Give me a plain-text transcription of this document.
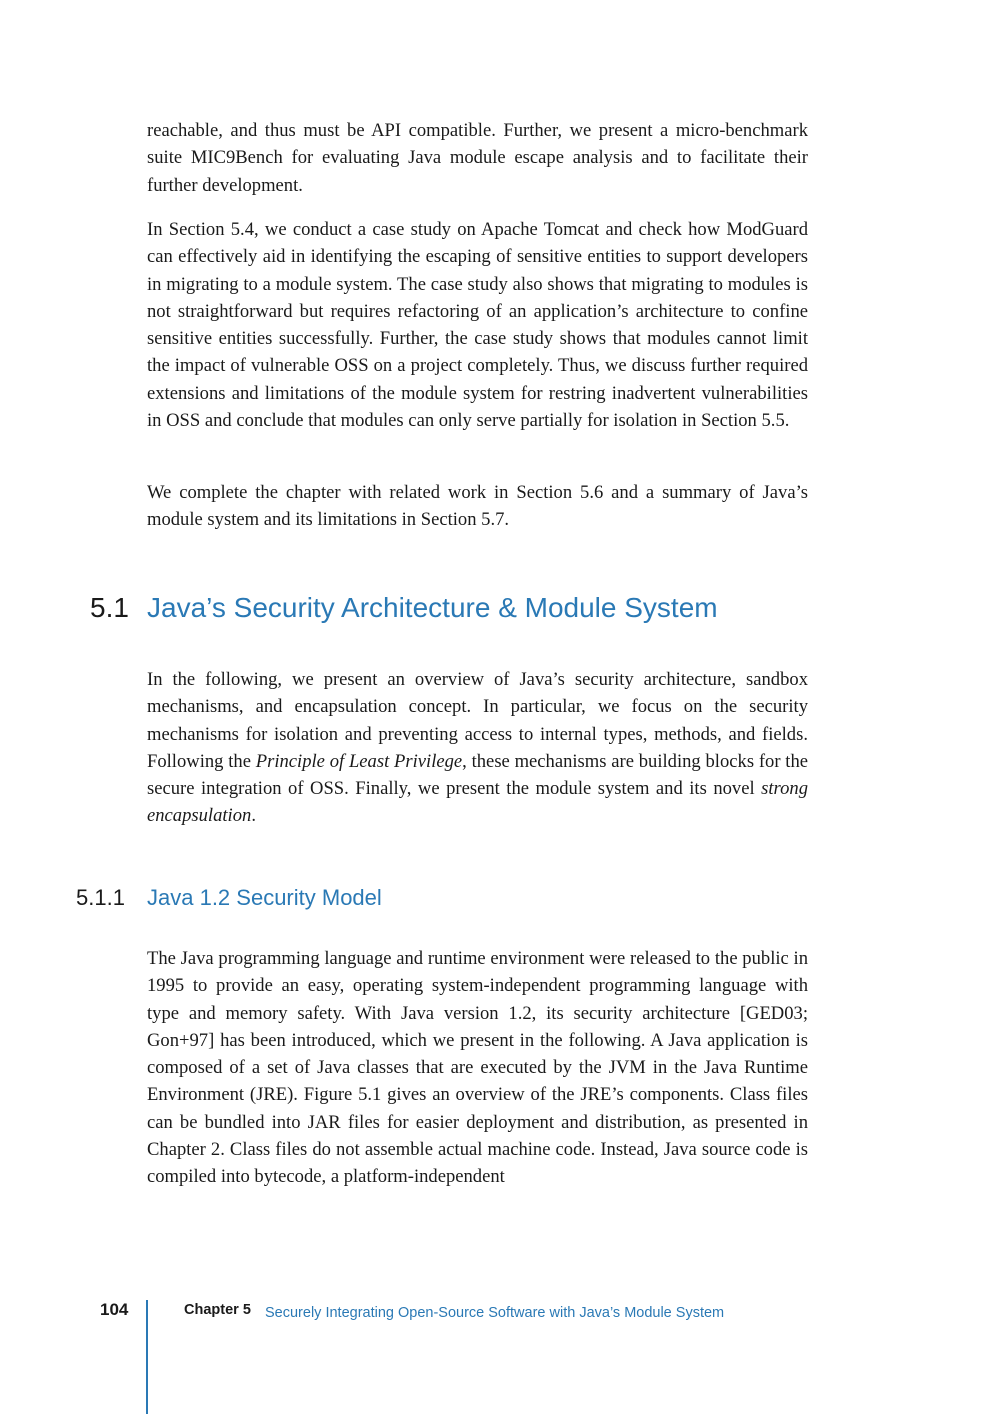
reachable, and thus must be API compatible. Further, we present a micro-benchmark suite MIC9Bench for evaluating Java module escape analysis and to facilitate their further development.

In Section 5.4, we conduct a case study on Apache Tomcat and check how ModGuard can effectively aid in identifying the escaping of sensitive entities to support developers in migrating to a module system. The case study also shows that migrating to modules is not straightforward but requires refactoring of an application’s architecture to confine sensitive entities successfully. Further, the case study shows that modules cannot limit the impact of vulnerable OSS on a project completely. Thus, we discuss further required extensions and limitations of the module system for restring inadvertent vulnerabilities in OSS and conclude that modules can only serve partially for isolation in Section 5.5.

We complete the chapter with related work in Section 5.6 and a summary of Java’s module system and its limitations in Section 5.7.

5.1 Java’s Security Architecture & Module System

In the following, we present an overview of Java’s security architecture, sandbox mechanisms, and encapsulation concept. In particular, we focus on the security mechanisms for isolation and preventing access to internal types, methods, and fields. Following the Principle of Least Privilege, these mechanisms are building blocks for the secure integration of OSS. Finally, we present the module system and its novel strong encapsulation.

5.1.1 Java 1.2 Security Model

The Java programming language and runtime environment were released to the public in 1995 to provide an easy, operating system-independent programming language with type and memory safety. With Java version 1.2, its security architecture [GED03; Gon+97] has been introduced, which we present in the following. A Java application is composed of a set of Java classes that are executed by the JVM in the Java Runtime Environment (JRE). Figure 5.1 gives an overview of the JRE’s components. Class files can be bundled into JAR files for easier deployment and distribution, as presented in Chapter 2. Class files do not assemble actual machine code. Instead, Java source code is compiled into bytecode, a platform-independent

104	Chapter 5 Securely Integrating Open-Source Software with Java’s Module System
